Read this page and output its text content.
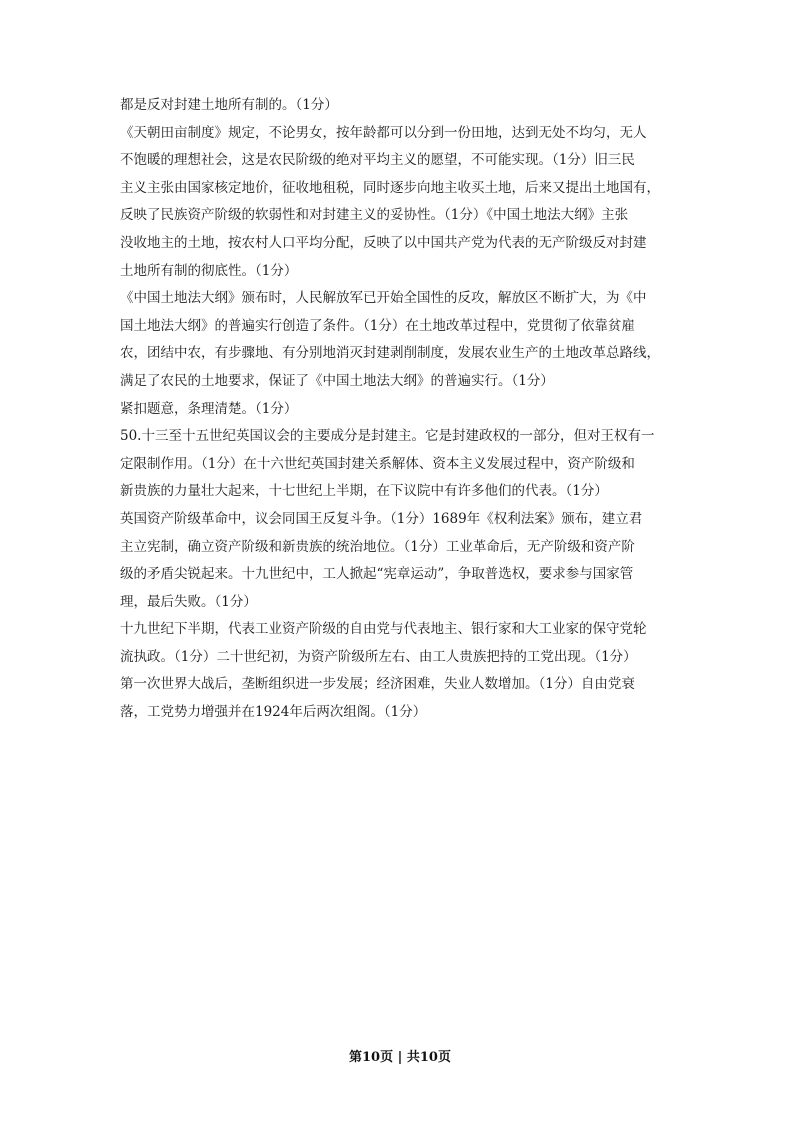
都是反对封建土地所有制的。（1分）
《天朝田亩制度》规定，不论男女，按年龄都可以分到一份田地，达到无处不均匀，无人
不饱暖的理想社会，这是农民阶级的绝对平均主义的愿望，不可能实现。（1分）旧三民
主义主张由国家核定地价，征收地租税，同时逐步向地主收买土地，后来又提出土地国有，
反映了民族资产阶级的软弱性和对封建主义的妥协性。（1分）《中国土地法大纲》主张
没收地主的土地，按农村人口平均分配，反映了以中国共产党为代表的无产阶级反对封建
土地所有制的彻底性。（1分）
《中国土地法大纲》颁布时，人民解放军已开始全国性的反攻，解放区不断扩大，为《中
国土地法大纲》的普遍实行创造了条件。（1分）在土地改革过程中，党贯彻了依靠贫雇
农，团结中农，有步骤地、有分别地消灭封建剥削制度，发展农业生产的土地改革总路线，
满足了农民的土地要求，保证了《中国土地法大纲》的普遍实行。（1分）
紧扣题意，条理清楚。（1分）
50.十三至十五世纪英国议会的主要成分是封建主。它是封建政权的一部分，但对王权有一
定限制作用。（1分）在十六世纪英国封建关系解体、资本主义发展过程中，资产阶级和
新贵族的力量壮大起来，十七世纪上半期，在下议院中有许多他们的代表。（1分）
英国资产阶级革命中，议会同国王反复斗争。（1分）1689年《权利法案》颁布，建立君
主立宪制，确立资产阶级和新贵族的统治地位。（1分）工业革命后，无产阶级和资产阶
级的矛盾尖锐起来。十九世纪中，工人掀起“宪章运动”，争取普选权，要求参与国家管
理，最后失败。（1分）
十九世纪下半期，代表工业资产阶级的自由党与代表地主、银行家和大工业家的保守党轮
流执政。（1分）二十世纪初，为资产阶级所左右、由工人贵族把持的工党出现。（1分）
第一次世界大战后，垄断组织进一步发展；经济困难，失业人数增加。（1分）自由党衰
落，工党势力增强并在1924年后两次组阁。（1分）
第10页 | 共10页
